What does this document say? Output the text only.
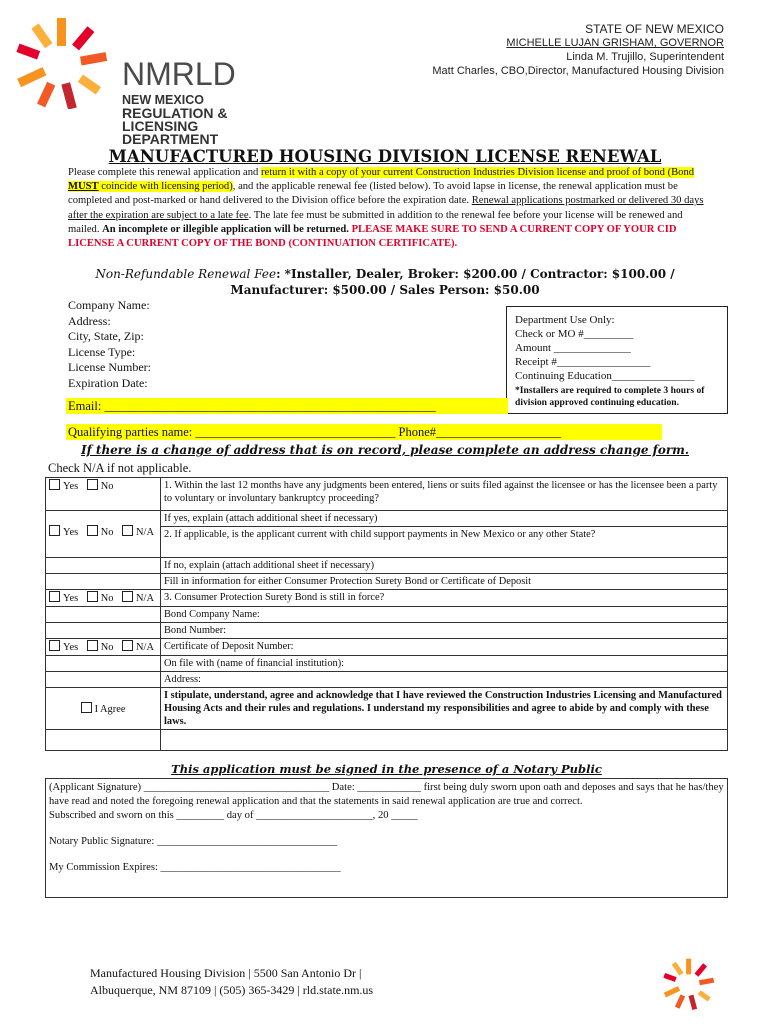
NMRLD
NEW MEXICO
REGULATION &
LICENSING DEPARTMENT
STATE OF NEW MEXICO
MICHELLE LUJAN GRISHAM, GOVERNOR
Linda M. Trujillo, Superintendent
Matt Charles, CBO,Director, Manufactured Housing Division
MANUFACTURED HOUSING DIVISION LICENSE RENEWAL
Please complete this renewal application and return it with a copy of your current Construction Industries Division license and proof of bond (Bond MUST coincide with licensing period), and the applicable renewal fee (listed below). To avoid lapse in license, the renewal application must be completed and post-marked or hand delivered to the Division office before the expiration date. Renewal applications postmarked or delivered 30 days after the expiration are subject to a late fee. The late fee must be submitted in addition to the renewal fee before your license will be renewed and mailed. An incomplete or illegible application will be returned. PLEASE MAKE SURE TO SEND A CURRENT COPY OF YOUR CID LICENSE A CURRENT COPY OF THE BOND (CONTINUATION CERTIFICATE).
Non-Refundable Renewal Fee: *Installer, Dealer, Broker: $200.00 / Contractor: $100.00 /
Manufacturer: $500.00 / Sales Person: $50.00
Company Name:
Address:
City, State, Zip:
License Type:
License Number:
Expiration Date:
Department Use Only:
Check or MO #_________
Amount ______________
Receipt #_________________
Continuing Education_______________
*Installers are required to complete 3 hours of division approved continuing education.
Email: _____________________________________________________
Qualifying parties name: ________________________________ Phone#____________________
If there is a change of address that is on record, please complete an address change form.
Check N/A if not applicable.
Yes No	1. Within the last 12 months have any judgments been entered, liens or suits filed against the licensee or has the licensee been a party to voluntary or involuntary bankruptcy proceeding?
Yes No N/A	If yes, explain (attach additional sheet if necessary)
	2. If applicable, is the applicant current with child support payments in New Mexico or any other State?
	If no, explain (attach additional sheet if necessary)
	Fill in information for either Consumer Protection Surety Bond or Certificate of Deposit
Yes No N/A	3. Consumer Protection Surety Bond is still in force?
	Bond Company Name:
	Bond Number:
Yes No N/A	Certificate of Deposit Number:
	On file with (name of financial institution):
	Address:
I Agree	I stipulate, understand, agree and acknowledge that I have reviewed the Construction Industries Licensing and Manufactured Housing Acts and their rules and regulations. I understand my responsibilities and agree to abide by and comply with these laws.

This application must be signed in the presence of a Notary Public
(Applicant Signature) ___________________________________ Date: ____________ first being duly sworn upon oath and deposes and says that he has/they have read and noted the foregoing renewal application and that the statements in said renewal application are true and correct.
Subscribed and sworn on this _________ day of ______________________, 20 _____
Notary Public Signature: __________________________________
My Commission Expires: __________________________________
Manufactured Housing Division | 5500 San Antonio Dr |
Albuquerque, NM 87109 | (505) 365-3429 | rld.state.nm.us
